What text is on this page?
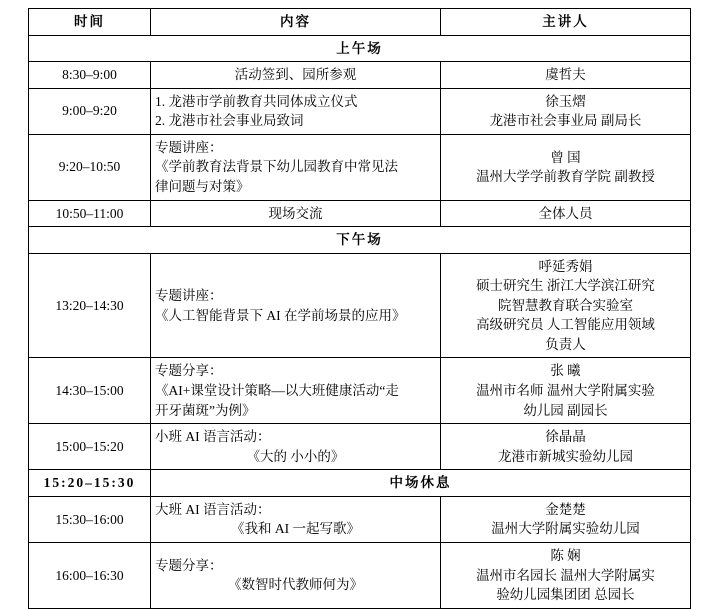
时间	内容	主讲人
上午场		
8:30–9:00	活动签到、园所参观	虞哲夫

9:00–9:20	1. 龙港市学前教育共同体成立仪式
2. 龙港市社会事业局致词	徐玉熠
龙港市社会事业局 副局长

9:20–10:50	专题讲座：
《学前教育法背景下幼儿园教育中常见法
律问题与对策》	曾 国
温州大学学前教育学院 副教授

10:50–11:00	现场交流	全体人员

下午场		
13:20–14:30	专题讲座：
《人工智能背景下 AI 在学前场景的应用》	呼延秀娟
硕士研究生 浙江大学滨江研究
院智慧教育联合实验室
高级研究员 人工智能应用领域
负责人

14:30–15:00	专题分享：
《AI+课堂设计策略—以大班健康活动“走
开牙菌斑”为例》	张 曦
温州市名师 温州大学附属实验
幼儿园 副园长

15:00–15:20	小班 AI 语言活动：
《大的 小小的》	徐晶晶
龙港市新城实验幼儿园

15:20–15:30	中场休息	
15:30–16:00	大班 AI 语言活动：
《我和 AI 一起写歌》	金楚楚
温州大学附属实验幼儿园

16:00–16:30	专题分享：
《数智时代教师何为》	陈 娴
温州市名园长 温州大学附属实
验幼儿园集团团 总园长
